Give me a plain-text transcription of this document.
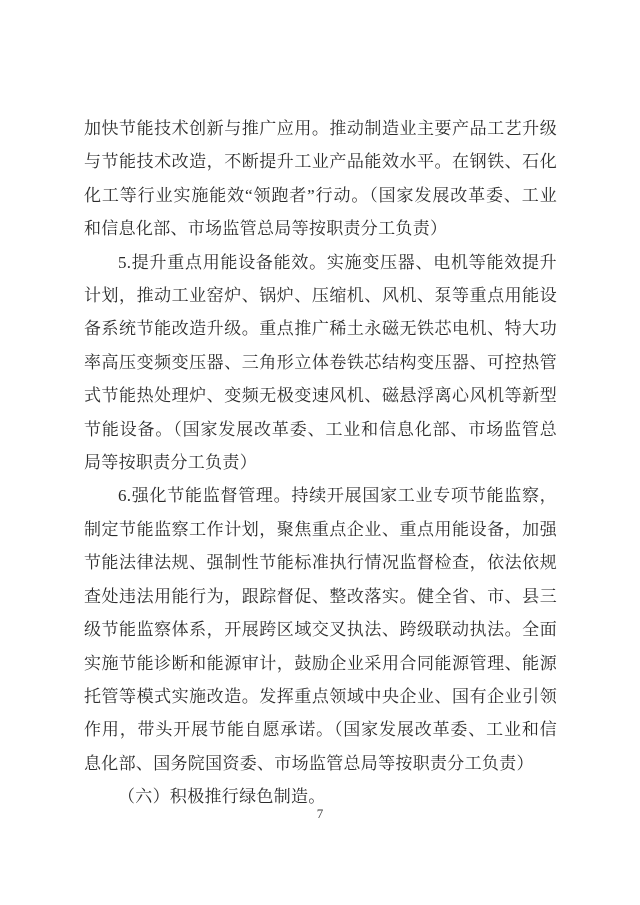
加快节能技术创新与推广应用。推动制造业主要产品工艺升级与节能技术改造，不断提升工业产品能效水平。在钢铁、石化化工等行业实施能效“领跑者”行动。（国家发展改革委、工业和信息化部、市场监管总局等按职责分工负责）

5.提升重点用能设备能效。实施变压器、电机等能效提升计划，推动工业窑炉、锅炉、压缩机、风机、泵等重点用能设备系统节能改造升级。重点推广稀土永磁无铁芯电机、特大功率高压变频变压器、三角形立体卷铁芯结构变压器、可控热管式节能热处理炉、变频无极变速风机、磁悬浮离心风机等新型节能设备。（国家发展改革委、工业和信息化部、市场监管总局等按职责分工负责）

6.强化节能监督管理。持续开展国家工业专项节能监察，制定节能监察工作计划，聚焦重点企业、重点用能设备，加强节能法律法规、强制性节能标准执行情况监督检查，依法依规查处违法用能行为，跟踪督促、整改落实。健全省、市、县三级节能监察体系，开展跨区域交叉执法、跨级联动执法。全面实施节能诊断和能源审计，鼓励企业采用合同能源管理、能源托管等模式实施改造。发挥重点领域中央企业、国有企业引领作用，带头开展节能自愿承诺。（国家发展改革委、工业和信息化部、国务院国资委、市场监管总局等按职责分工负责）

（六）积极推行绿色制造。

7
